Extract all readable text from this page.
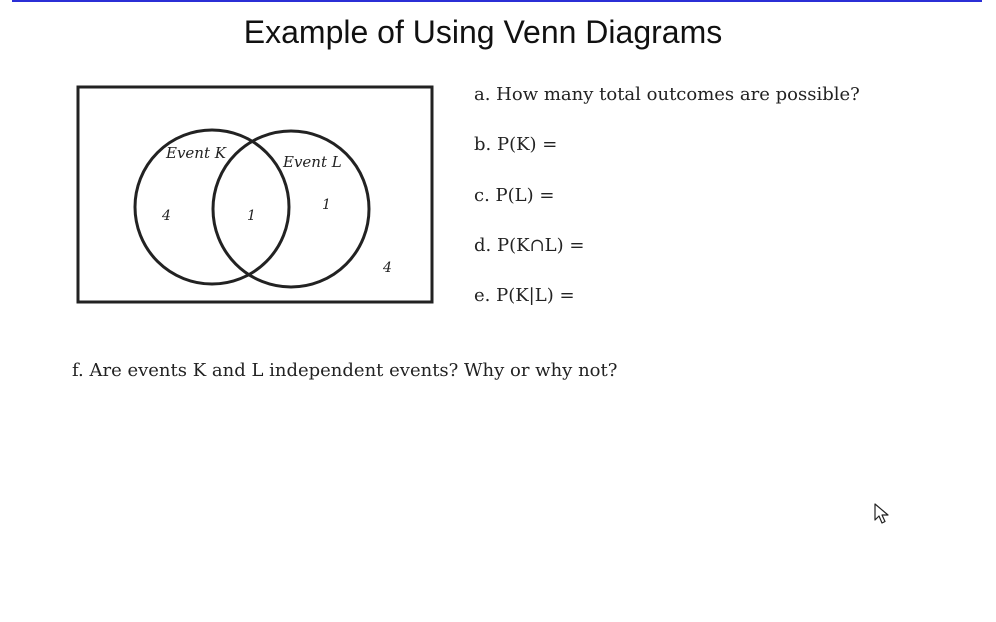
Example of Using Venn Diagrams
Event K	Event L
4	1
1
4
a. How many total outcomes are possible?
b. P(K) =
c. P(L) =
d. P(K∩L) =
e. P(K|L) =
f. Are events K and L independent events? Why or why not?
